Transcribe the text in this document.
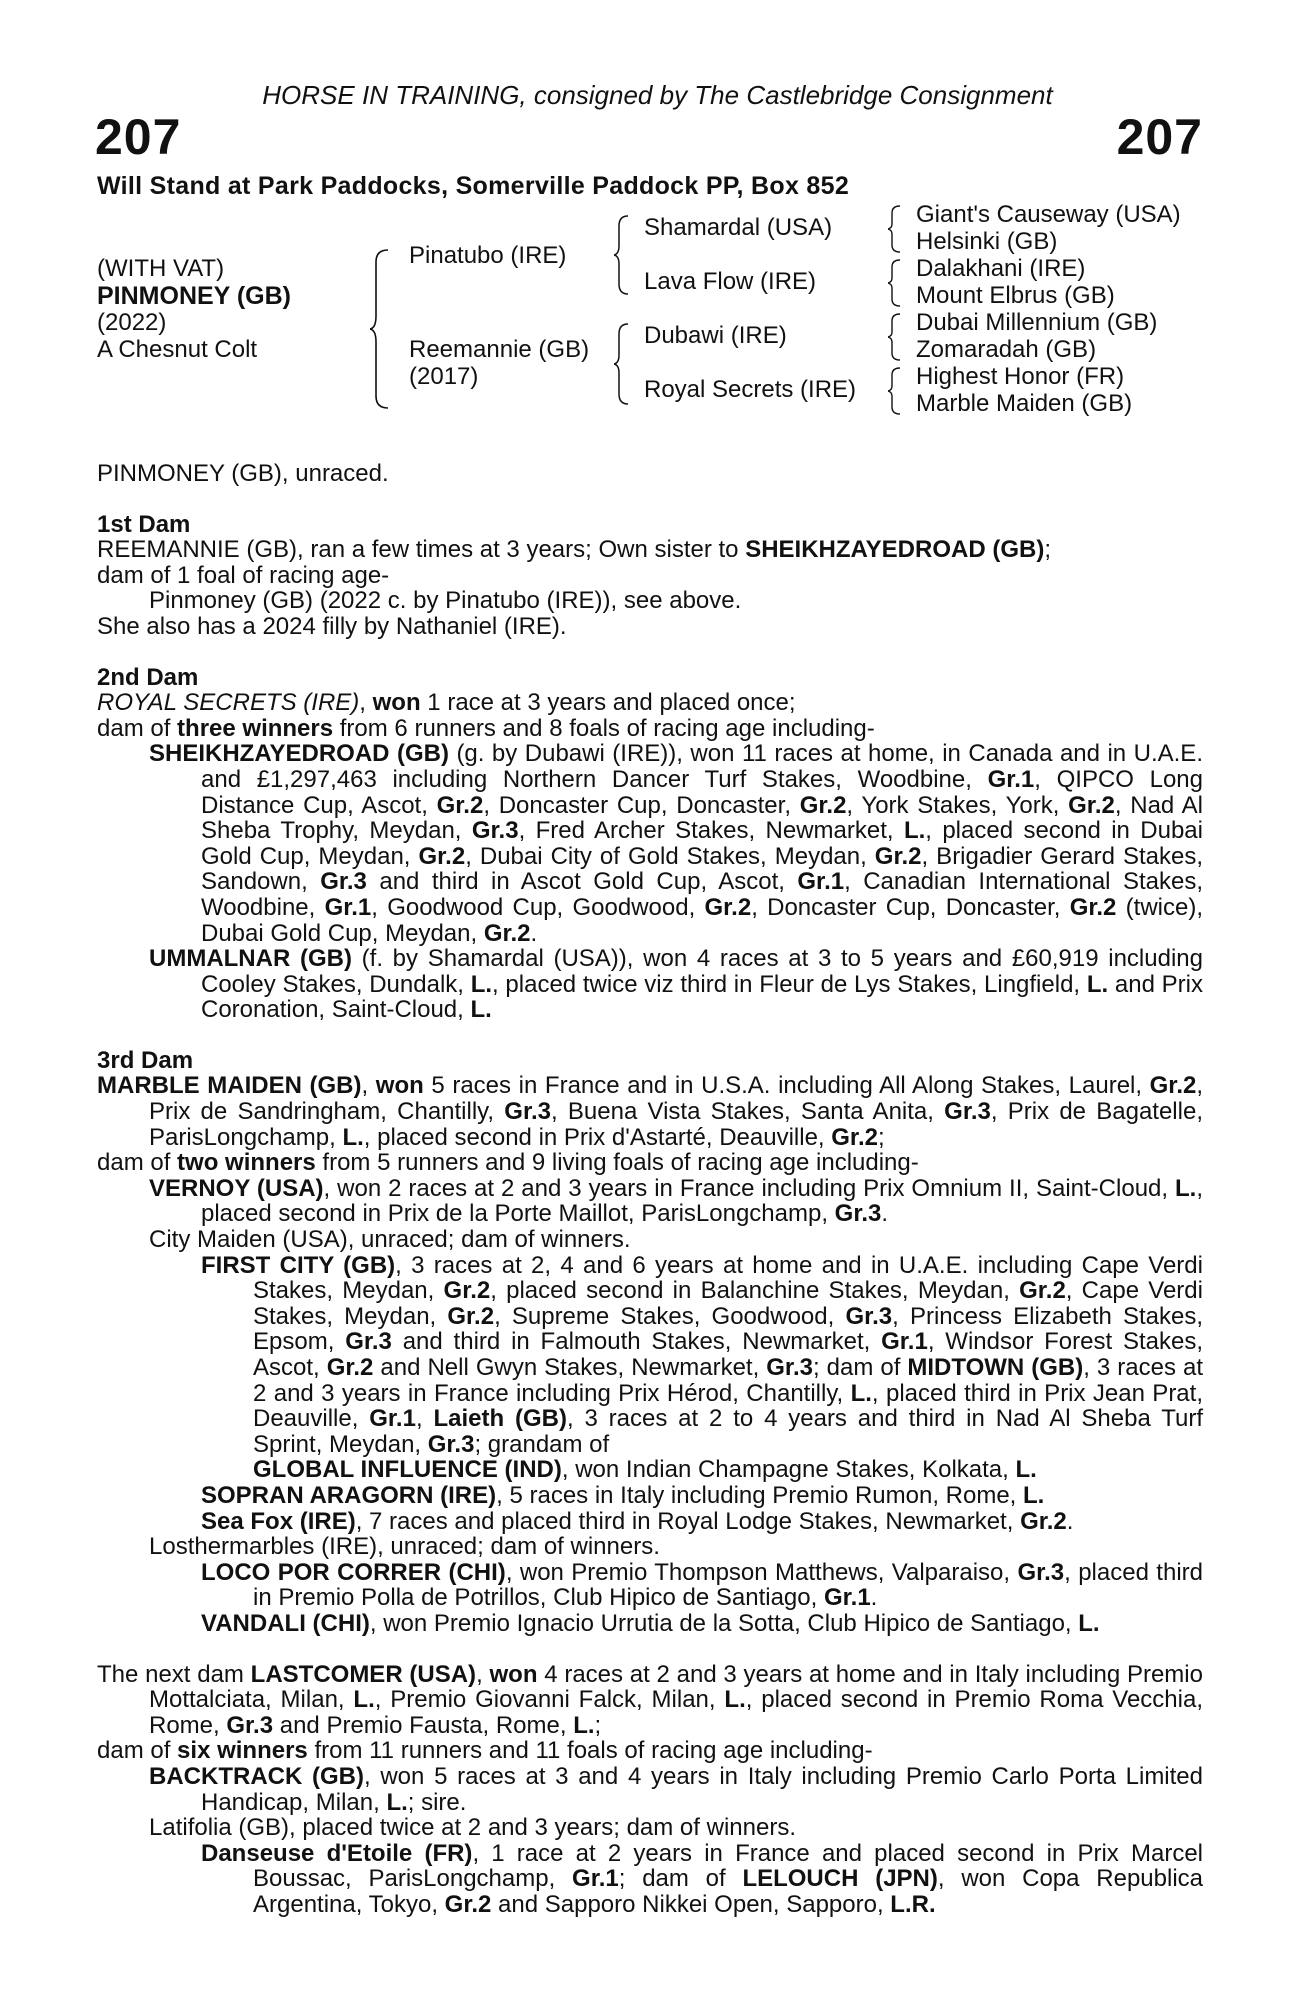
HORSE IN TRAINING, consigned by The Castlebridge Consignment
207	207
Will Stand at Park Paddocks, Somerville Paddock PP, Box 852
(WITH VAT)
PINMONEY (GB)
(2022)
A Chesnut Colt
Pinatubo (IRE)
Reemannie (GB)
(2017)
Shamardal (USA)
Lava Flow (IRE)
Dubawi (IRE)
Royal Secrets (IRE)
Giant's Causeway (USA)
Helsinki (GB)
Dalakhani (IRE)
Mount Elbrus (GB)
Dubai Millennium (GB)
Zomaradah (GB)
Highest Honor (FR)
Marble Maiden (GB)

PINMONEY (GB), unraced.

1st Dam

REEMANNIE (GB), ran a few times at 3 years; Own sister to SHEIKHZAYEDROAD (GB);

dam of 1 foal of racing age-

Pinmoney (GB) (2022 c. by Pinatubo (IRE)), see above.

She also has a 2024 filly by Nathaniel (IRE).

2nd Dam

ROYAL SECRETS (IRE), won 1 race at 3 years and placed once;

dam of three winners from 6 runners and 8 foals of racing age including-

SHEIKHZAYEDROAD (GB) (g. by Dubawi (IRE)), won 11 races at home, in Canada and in U.A.E. and £1,297,463 including Northern Dancer Turf Stakes, Woodbine, Gr.1, QIPCO Long Distance Cup, Ascot, Gr.2, Doncaster Cup, Doncaster, Gr.2, York Stakes, York, Gr.2, Nad Al Sheba Trophy, Meydan, Gr.3, Fred Archer Stakes, Newmarket, L., placed second in Dubai Gold Cup, Meydan, Gr.2, Dubai City of Gold Stakes, Meydan, Gr.2, Brigadier Gerard Stakes, Sandown, Gr.3 and third in Ascot Gold Cup, Ascot, Gr.1, Canadian International Stakes, Woodbine, Gr.1, Goodwood Cup, Goodwood, Gr.2, Doncaster Cup, Doncaster, Gr.2 (twice), Dubai Gold Cup, Meydan, Gr.2.

UMMALNAR (GB) (f. by Shamardal (USA)), won 4 races at 3 to 5 years and £60,919 including Cooley Stakes, Dundalk, L., placed twice viz third in Fleur de Lys Stakes, Lingfield, L. and Prix Coronation, Saint-Cloud, L.

3rd Dam

MARBLE MAIDEN (GB), won 5 races in France and in U.S.A. including All Along Stakes, Laurel, Gr.2, Prix de Sandringham, Chantilly, Gr.3, Buena Vista Stakes, Santa Anita, Gr.3, Prix de Bagatelle, ParisLongchamp, L., placed second in Prix d'Astarté, Deauville, Gr.2;

dam of two winners from 5 runners and 9 living foals of racing age including-

VERNOY (USA), won 2 races at 2 and 3 years in France including Prix Omnium II, Saint-Cloud, L., placed second in Prix de la Porte Maillot, ParisLongchamp, Gr.3.

City Maiden (USA), unraced; dam of winners.

FIRST CITY (GB), 3 races at 2, 4 and 6 years at home and in U.A.E. including Cape Verdi Stakes, Meydan, Gr.2, placed second in Balanchine Stakes, Meydan, Gr.2, Cape Verdi Stakes, Meydan, Gr.2, Supreme Stakes, Goodwood, Gr.3, Princess Elizabeth Stakes, Epsom, Gr.3 and third in Falmouth Stakes, Newmarket, Gr.1, Windsor Forest Stakes, Ascot, Gr.2 and Nell Gwyn Stakes, Newmarket, Gr.3; dam of MIDTOWN (GB), 3 races at 2 and 3 years in France including Prix Hérod, Chantilly, L., placed third in Prix Jean Prat, Deauville, Gr.1, Laieth (GB), 3 races at 2 to 4 years and third in Nad Al Sheba Turf Sprint, Meydan, Gr.3; grandam of

GLOBAL INFLUENCE (IND), won Indian Champagne Stakes, Kolkata, L.

SOPRAN ARAGORN (IRE), 5 races in Italy including Premio Rumon, Rome, L.

Sea Fox (IRE), 7 races and placed third in Royal Lodge Stakes, Newmarket, Gr.2.

Losthermarbles (IRE), unraced; dam of winners.

LOCO POR CORRER (CHI), won Premio Thompson Matthews, Valparaiso, Gr.3, placed third in Premio Polla de Potrillos, Club Hipico de Santiago, Gr.1.

VANDALI (CHI), won Premio Ignacio Urrutia de la Sotta, Club Hipico de Santiago, L.

The next dam LASTCOMER (USA), won 4 races at 2 and 3 years at home and in Italy including Premio Mottalciata, Milan, L., Premio Giovanni Falck, Milan, L., placed second in Premio Roma Vecchia, Rome, Gr.3 and Premio Fausta, Rome, L.;

dam of six winners from 11 runners and 11 foals of racing age including-

BACKTRACK (GB), won 5 races at 3 and 4 years in Italy including Premio Carlo Porta Limited Handicap, Milan, L.; sire.

Latifolia (GB), placed twice at 2 and 3 years; dam of winners.

Danseuse d'Etoile (FR), 1 race at 2 years in France and placed second in Prix Marcel Boussac, ParisLongchamp, Gr.1; dam of LELOUCH (JPN), won Copa Republica Argentina, Tokyo, Gr.2 and Sapporo Nikkei Open, Sapporo, L.R.
